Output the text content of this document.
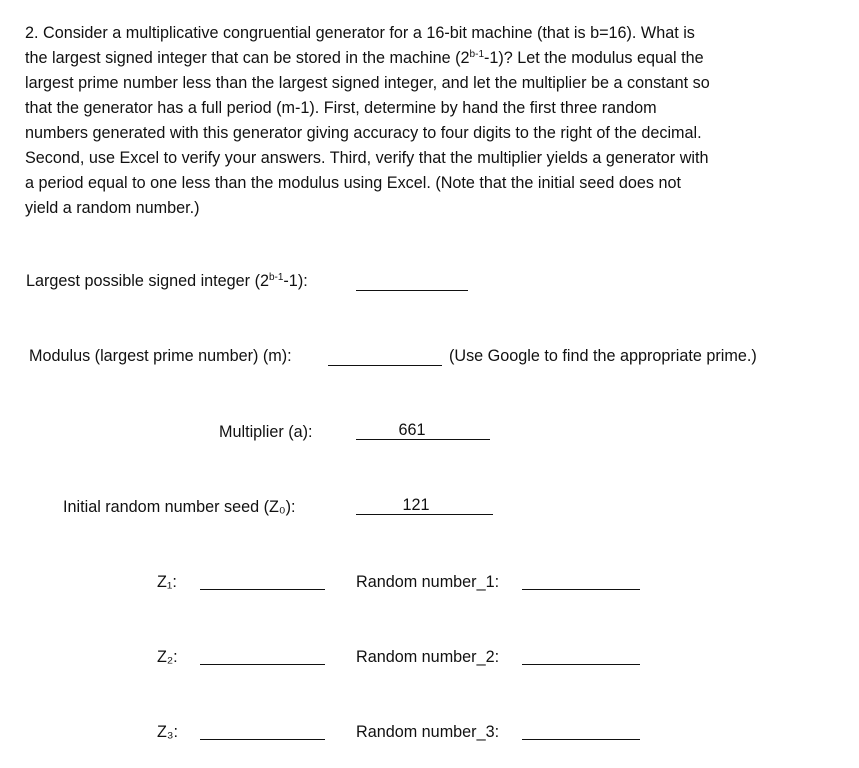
2. Consider a multiplicative congruential generator for a 16-bit machine (that is b=16). What is
the largest signed integer that can be stored in the machine (2$^{b-1}$-1)? Let the modulus equal the
largest prime number less than the largest signed integer, and let the multiplier be a constant so
that the generator has a full period (m-1). First, determine by hand the first three random
numbers generated with this generator giving accuracy to four digits to the right of the decimal.
Second, use Excel to verify your answers. Third, verify that the multiplier yields a generator with
a period equal to one less than the modulus using Excel. (Note that the initial seed does not
yield a random number.)
Largest possible signed integer (2$^{b-1}$-1):
Modulus (largest prime number) (m):	(Use Google to find the appropriate prime.)
Multiplier (a):	661
Initial random number seed (Z₀):	121
Z₁:	Random number_1:
Z₂:	Random number_2:
Z₃:	Random number_3:
